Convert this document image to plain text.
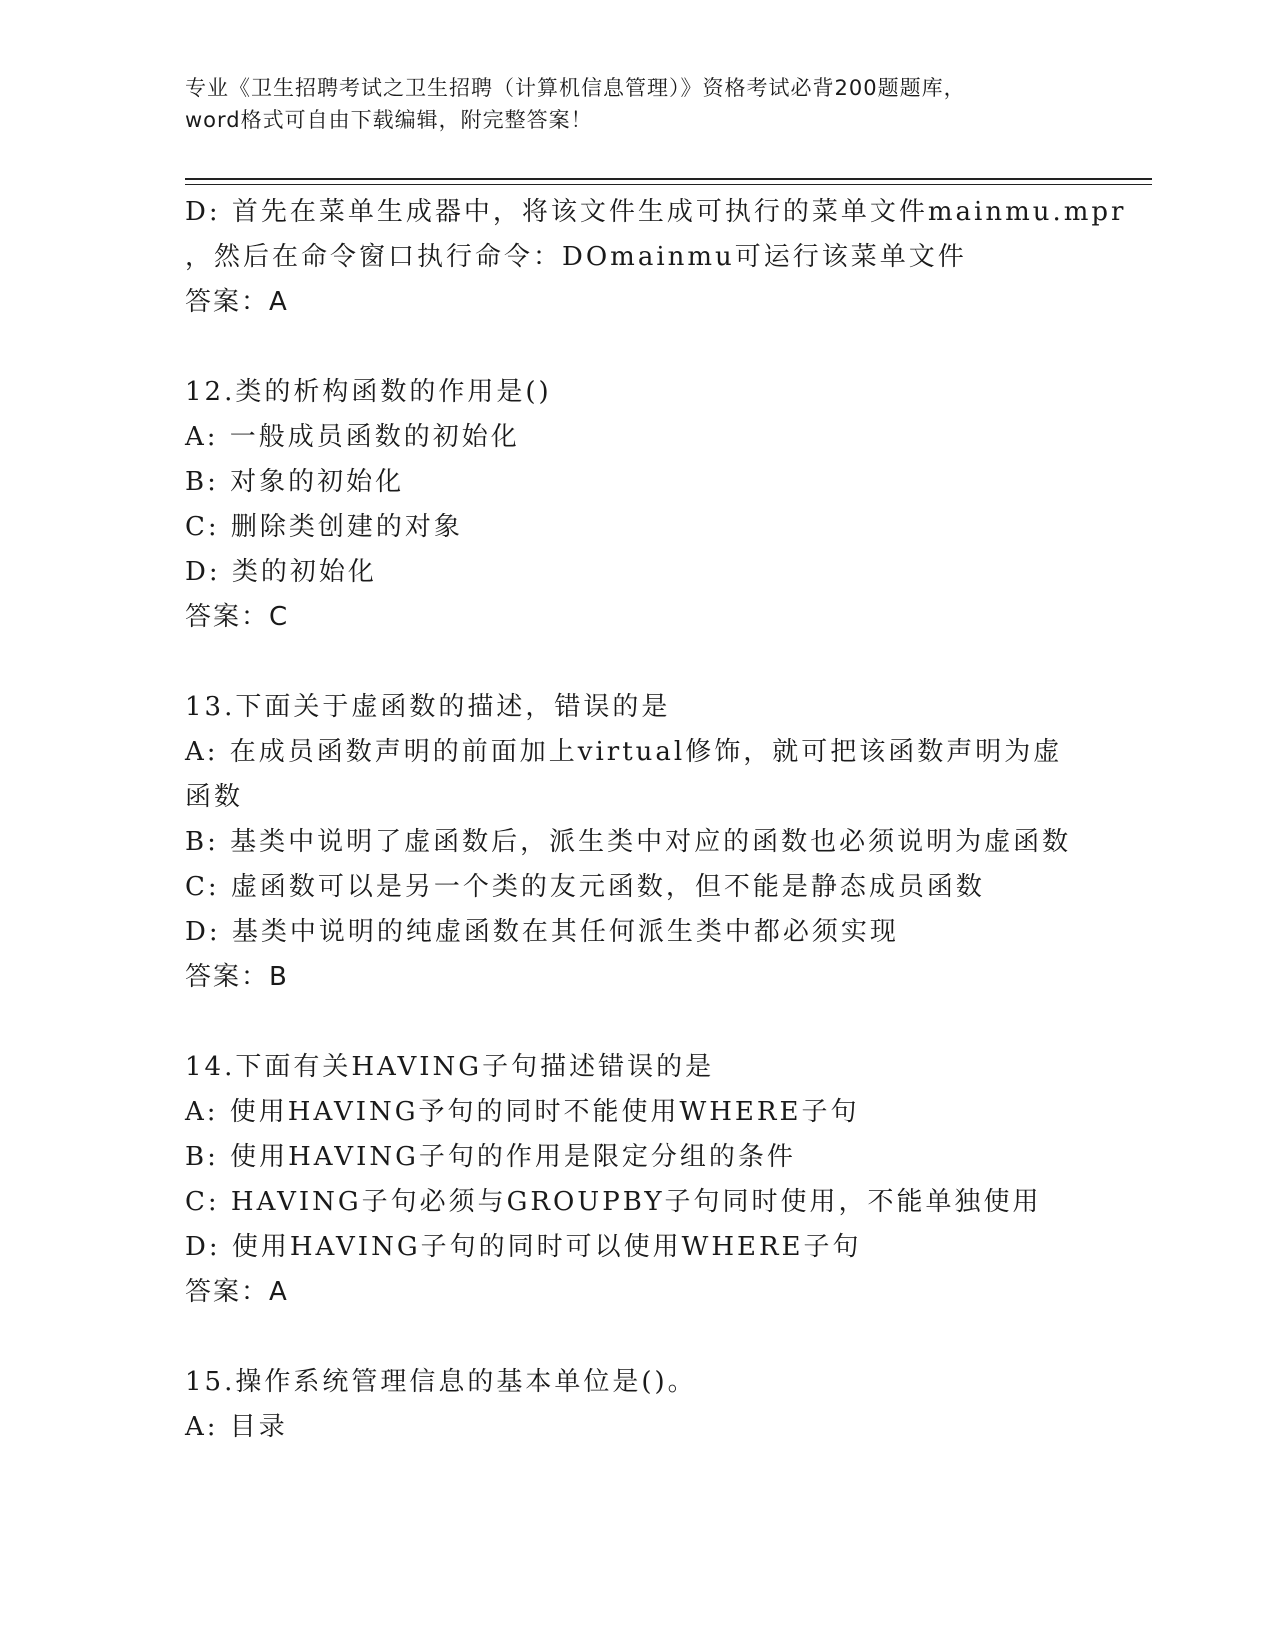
专业《卫生招聘考试之卫生招聘（计算机信息管理）》资格考试必背200题题库，
word格式可自由下载编辑，附完整答案！
D: 首先在菜单生成器中，将该文件生成可执行的菜单文件mainmu.mpr
，然后在命令窗口执行命令：DOmainmu可运行该菜单文件
答案：A
12.类的析构函数的作用是()
A: 一般成员函数的初始化
B: 对象的初始化
C: 删除类创建的对象
D: 类的初始化
答案：C
13.下面关于虚函数的描述，错误的是
A: 在成员函数声明的前面加上virtual修饰，就可把该函数声明为虚
函数
B: 基类中说明了虚函数后，派生类中对应的函数也必须说明为虚函数
C: 虚函数可以是另一个类的友元函数，但不能是静态成员函数
D: 基类中说明的纯虚函数在其任何派生类中都必须实现
答案：B
14.下面有关HAVING子句描述错误的是
A: 使用HAVING予句的同时不能使用WHERE子句
B: 使用HAVING子句的作用是限定分组的条件
C: HAVING子句必须与GROUPBY子句同时使用，不能单独使用
D: 使用HAVING子句的同时可以使用WHERE子句
答案：A
15.操作系统管理信息的基本单位是()。
A: 目录
